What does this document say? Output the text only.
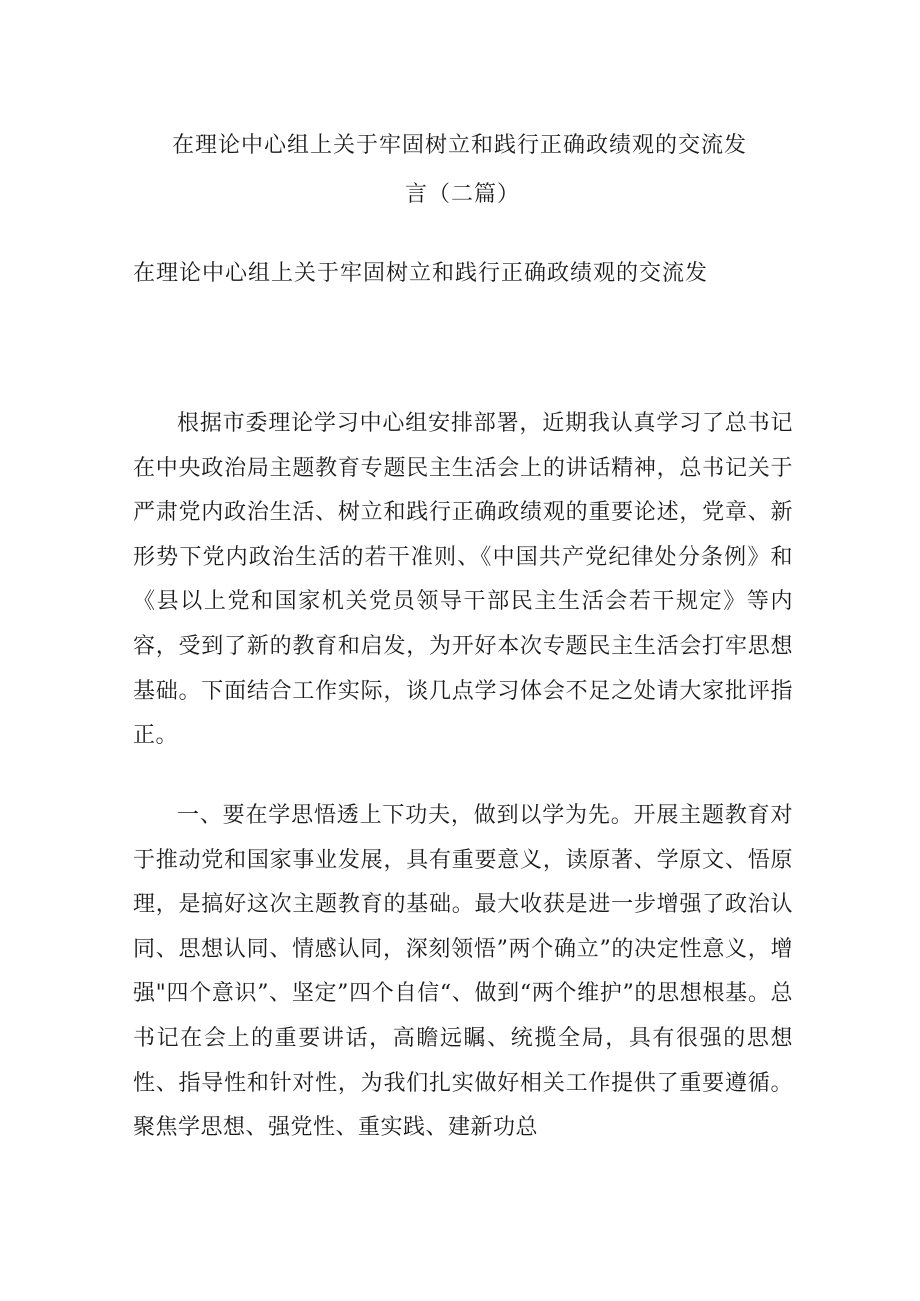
在理论中心组上关于牢固树立和践行正确政绩观的交流发
言（二篇）
在理论中心组上关于牢固树立和践行正确政绩观的交流发

根据市委理论学习中心组安排部署，近期我认真学习了总书记在中央政治局主题教育专题民主生活会上的讲话精神，总书记关于严肃党内政治生活、树立和践行正确政绩观的重要论述，党章、新形势下党内政治生活的若干准则、《中国共产党纪律处分条例》和《县以上党和国家机关党员领导干部民主生活会若干规定》等内容，受到了新的教育和启发，为开好本次专题民主生活会打牢思想基础。下面结合工作实际，谈几点学习体会不足之处请大家批评指正。

一、要在学思悟透上下功夫，做到以学为先。开展主题教育对于推动党和国家事业发展，具有重要意义，读原著、学原文、悟原理，是搞好这次主题教育的基础。最大收获是进一步增强了政治认同、思想认同、情感认同，深刻领悟”两个确立”的决定性意义，增强"四个意识”、坚定”四个自信“、做到“两个维护”的思想根基。总书记在会上的重要讲话，高瞻远瞩、统揽全局，具有很强的思想性、指导性和针对性，为我们扎实做好相关工作提供了重要遵循。聚焦学思想、强党性、重实践、建新功总
